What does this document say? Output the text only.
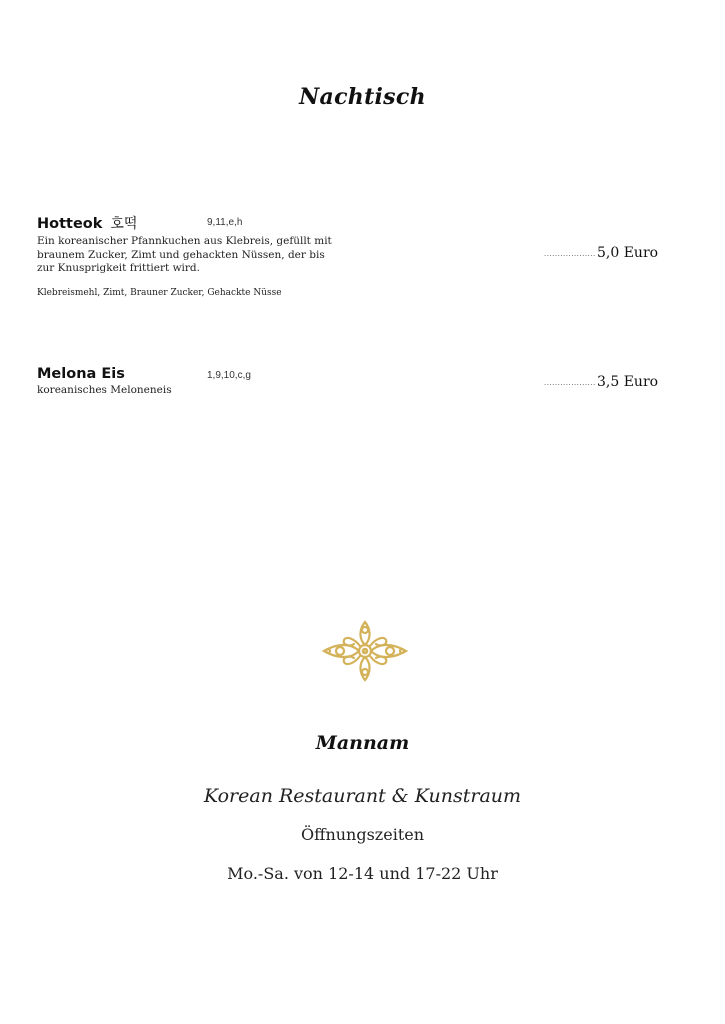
Nachtisch
Hotteok 호떡	9,11,e,h
Ein koreanischer Pfannkuchen aus Klebreis, gefüllt mit braunem Zucker, Zimt und gehackten Nüssen, der bis zur Knusprigkeit frittiert wird.
Klebreismehl, Zimt, Brauner Zucker, Gehackte Nüsse
................... 5,0 Euro
Melona Eis	1,9,10,c,g
koreanisches Meloneneis
................... 3,5 Euro
Mannam
Korean Restaurant & Kunstraum
Öffnungszeiten
Mo.-Sa. von 12-14 und 17-22 Uhr
